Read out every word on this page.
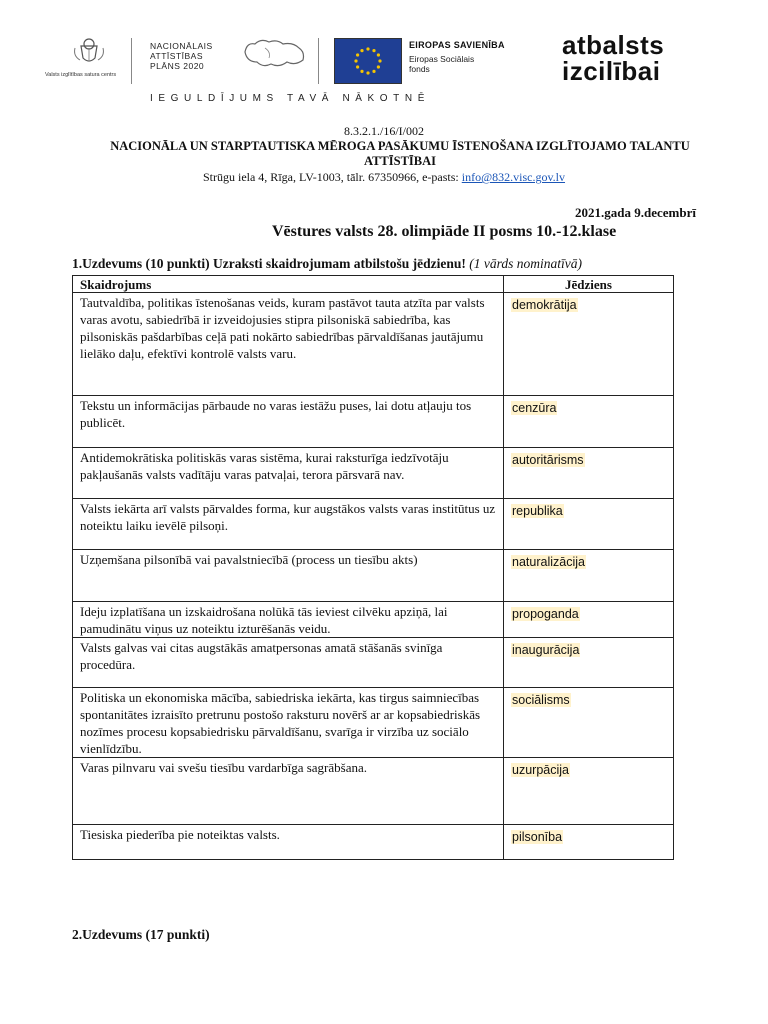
Valsts izglītības satura centrs
NACIONĀLAIS
ATTĪSTĪBAS
PLĀNS 2020
EIROPAS SAVIENĪBA
Eiropas Sociālais
fonds
atbalsts
izcilībai
IEGULDĪJUMS TAVĀ NĀKOTNĒ
8.3.2.1./16/I/002
NACIONĀLA UN STARPTAUTISKA MĒROGA PASĀKUMU ĪSTENOŠANA IZGLĪTOJAMO TALANTU ATTĪSTĪBAI
Strūgu iela 4, Rīga, LV-1003, tālr. 67350966, e-pasts: info@832.visc.gov.lv
2021.gada 9.decembrī
Vēstures valsts 28. olimpiāde II posms 10.-12.klase
1.Uzdevums (10 punkti) Uzraksti skaidrojumam atbilstošu jēdzienu! (1 vārds nominatīvā)
Skaidrojums	Jēdziens
Tautvaldība, politikas īstenošanas veids, kuram pastāvot tauta atzīta par valsts varas avotu, sabiedrībā ir izveidojusies stipra pilsoniskā sabiedrība, kas pilsoniskās pašdarbības ceļā pati nokārto sabiedrības pārvaldīšanas jautājumu lielāko daļu, efektīvi kontrolē valsts varu.	demokrātija
Tekstu un informācijas pārbaude no varas iestāžu puses, lai dotu atļauju tos publicēt.	cenzūra
Antidemokrātiska politiskās varas sistēma, kurai raksturīga iedzīvotāju pakļaušanās valsts vadītāju varas patvaļai, terora pārsvarā nav.	autoritārisms
Valsts iekārta arī valsts pārvaldes forma, kur augstākos valsts varas institūtus uz noteiktu laiku ievēlē pilsoņi.	republika
Uzņemšana pilsonībā vai pavalstniecībā (process un tiesību akts)	naturalizācija
Ideju izplatīšana un izskaidrošana nolūkā tās ieviest cilvēku apziņā, lai pamudinātu viņus uz noteiktu izturēšanās veidu.	propoganda
Valsts galvas vai citas augstākās amatpersonas amatā stāšanās svinīga procedūra.	inaugurācija
Politiska un ekonomiska mācība, sabiedriska iekārta, kas tirgus saimniecības spontanitātes izraisīto pretrunu postošo raksturu novērš ar ar kopsabiedriskās nozīmes procesu kopsabiedrisku pārvaldīšanu, svarīga ir virzība uz sociālo vienlīdzību.	sociālisms
Varas pilnvaru vai svešu tiesību vardarbīga sagrābšana.	uzurpācija
Tiesiska piederība pie noteiktas valsts.	pilsonība
2.Uzdevums (17 punkti)
